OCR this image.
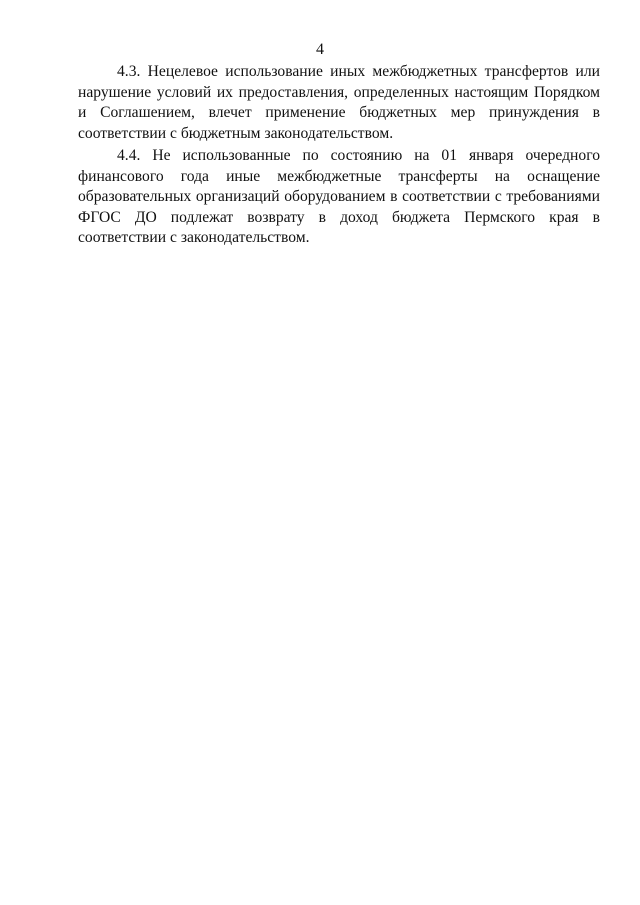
4

4.3. Нецелевое использование иных межбюджетных трансфертов или нарушение условий их предоставления, определенных настоящим Порядком и Соглашением, влечет применение бюджетных мер принуждения в соответствии с бюджетным законодательством.

4.4. Не использованные по состоянию на 01 января очередного финансового года иные межбюджетные трансферты на оснащение образовательных организаций оборудованием в соответствии с требованиями ФГОС ДО подлежат возврату в доход бюджета Пермского края в соответствии с законодательством.
